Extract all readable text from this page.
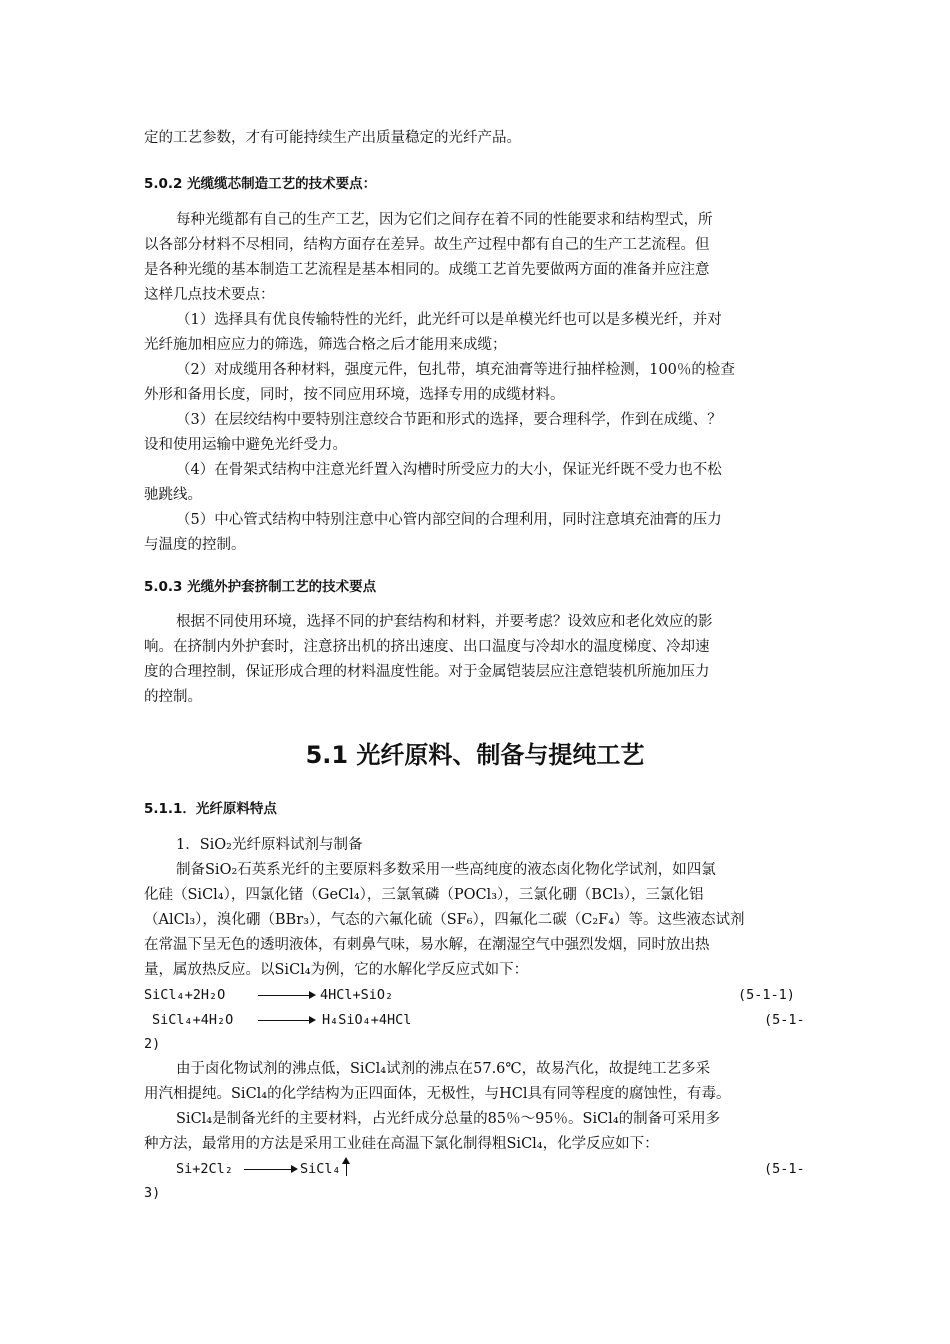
定的工艺参数，才有可能持续生产出质量稳定的光纤产品。
5.0.2 光缆缆芯制造工艺的技术要点：
每种光缆都有自己的生产工艺，因为它们之间存在着不同的性能要求和结构型式，所
以各部分材料不尽相同，结构方面存在差异。故生产过程中都有自己的生产工艺流程。但
是各种光缆的基本制造工艺流程是基本相同的。成缆工艺首先要做两方面的准备并应注意
这样几点技术要点：
（1）选择具有优良传输特性的光纤，此光纤可以是单模光纤也可以是多模光纤，并对
光纤施加相应应力的筛选，筛选合格之后才能用来成缆；
（2）对成缆用各种材料，强度元件，包扎带，填充油膏等进行抽样检测，100％的检查
外形和备用长度，同时，按不同应用环境，选择专用的成缆材料。
（3）在层绞结构中要特别注意绞合节距和形式的选择，要合理科学，作到在成缆、？
设和使用运输中避免光纤受力。
（4）在骨架式结构中注意光纤置入沟槽时所受应力的大小，保证光纤既不受力也不松
驰跳线。
（5）中心管式结构中特别注意中心管内部空间的合理利用，同时注意填充油膏的压力
与温度的控制。
5.0.3 光缆外护套挤制工艺的技术要点
根据不同使用环境，选择不同的护套结构和材料，并要考虑？设效应和老化效应的影
响。在挤制内外护套时，注意挤出机的挤出速度、出口温度与冷却水的温度梯度、冷却速
度的合理控制，保证形成合理的材料温度性能。对于金属铠装层应注意铠装机所施加压力
的控制。
5.1 光纤原料、制备与提纯工艺
5.1.1．光纤原料特点
1．SiO₂光纤原料试剂与制备
制备SiO₂石英系光纤的主要原料多数采用一些高纯度的液态卤化物化学试剂，如四氯
化硅（SiCl₄），四氯化锗（GeCl₄），三氯氧磷（POCl₃），三氯化硼（BCl₃），三氯化铝
（AlCl₃），溴化硼（BBr₃），气态的六氟化硫（SF₆），四氟化二碳（C₂F₄）等。这些液态试剂
在常温下呈无色的透明液体，有刺鼻气味，易水解，在潮湿空气中强烈发烟，同时放出热
量，属放热反应。以SiCl₄为例，它的水解化学反应式如下：
SiCl₄+2H₂O → 4HCl+SiO₂	(5-1-1)
SiCl₄+4H₂O → H₄SiO₄+4HCl	(5-1-
2)
由于卤化物试剂的沸点低，SiCl₄试剂的沸点在57.6℃，故易汽化，故提纯工艺多采
用汽相提纯。SiCl₄的化学结构为正四面体，无极性，与HCl具有同等程度的腐蚀性，有毒。
SiCl₄是制备光纤的主要材料，占光纤成分总量的85％～95％。SiCl₄的制备可采用多
种方法，最常用的方法是采用工业硅在高温下氯化制得粗SiCl₄，化学反应如下：
Si+2Cl₂ → SiCl₄	(5-1-
3)
